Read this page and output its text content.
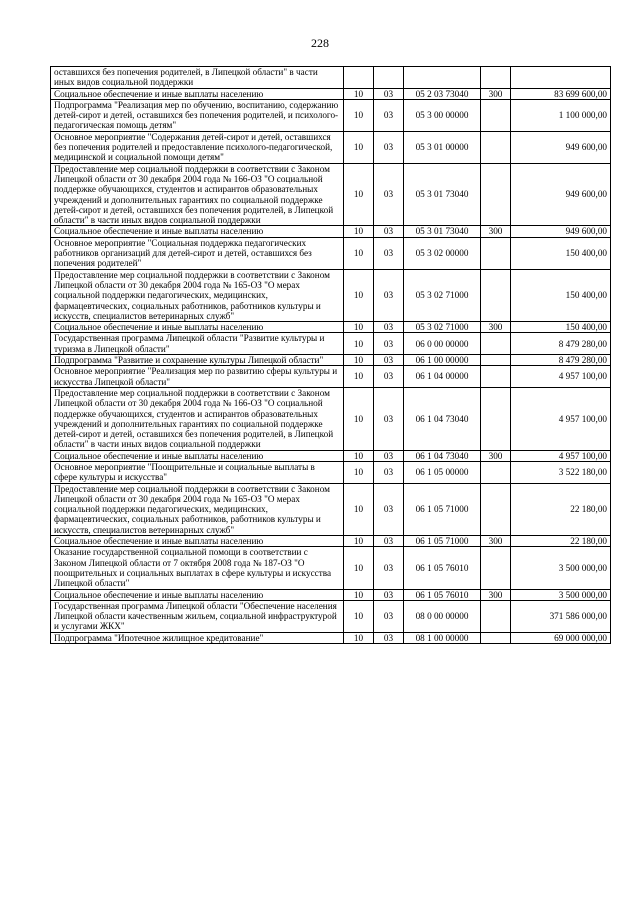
228
оставшихся без попечения родителей, в Липецкой области" в части иных видов социальной поддержки					
Социальное обеспечение и иные выплаты населению	10	03	05 2 03 73040	300	83 699 600,00
Подпрограмма "Реализация мер по обучению, воспитанию, содержанию детей-сирот и детей, оставшихся без попечения родителей, и психолого-педагогическая помощь детям"	10	03	05 3 00 00000		1 100 000,00
Основное мероприятие "Содержания детей-сирот и детей, оставшихся без попечения родителей и предоставление психолого-педагогической, медицинской и социальной помощи детям"	10	03	05 3 01 00000		949 600,00
Предоставление мер социальной поддержки в соответствии с Законом Липецкой области от 30 декабря 2004 года № 166-ОЗ "О социальной поддержке обучающихся, студентов и аспирантов образовательных учреждений и дополнительных гарантиях по социальной поддержке детей-сирот и детей, оставшихся без попечения родителей, в Липецкой области" в части иных видов социальной поддержки	10	03	05 3 01 73040		949 600,00
Социальное обеспечение и иные выплаты населению	10	03	05 3 01 73040	300	949 600,00
Основное мероприятие "Социальная поддержка педагогических работников организаций для детей-сирот и детей, оставшихся без попечения родителей"	10	03	05 3 02 00000		150 400,00
Предоставление мер социальной поддержки в соответствии с Законом Липецкой области от 30 декабря 2004 года № 165-ОЗ "О мерах социальной поддержки педагогических, медицинских, фармацевтических, социальных работников, работников культуры и искусств, специалистов ветеринарных служб"	10	03	05 3 02 71000		150 400,00
Социальное обеспечение и иные выплаты населению	10	03	05 3 02 71000	300	150 400,00
Государственная программа Липецкой области "Развитие культуры и туризма в Липецкой области"	10	03	06 0 00 00000		8 479 280,00
Подпрограмма "Развитие и сохранение культуры Липецкой области"	10	03	06 1 00 00000		8 479 280,00
Основное мероприятие "Реализация мер по развитию сферы культуры и искусства Липецкой области"	10	03	06 1 04 00000		4 957 100,00
Предоставление мер социальной поддержки в соответствии с Законом Липецкой области от 30 декабря 2004 года № 166-ОЗ "О социальной поддержке обучающихся, студентов и аспирантов образовательных учреждений и дополнительных гарантиях по социальной поддержке детей-сирот и детей, оставшихся без попечения родителей, в Липецкой области" в части иных видов социальной поддержки	10	03	06 1 04 73040		4 957 100,00
Социальное обеспечение и иные выплаты населению	10	03	06 1 04 73040	300	4 957 100,00
Основное мероприятие "Поощрительные и социальные выплаты в сфере культуры и искусства"	10	03	06 1 05 00000		3 522 180,00
Предоставление мер социальной поддержки в соответствии с Законом Липецкой области от 30 декабря 2004 года № 165-ОЗ "О мерах социальной поддержки педагогических, медицинских, фармацевтических, социальных работников, работников культуры и искусств, специалистов ветеринарных служб"	10	03	06 1 05 71000		22 180,00
Социальное обеспечение и иные выплаты населению	10	03	06 1 05 71000	300	22 180,00
Оказание государственной социальной помощи в соответствии с Законом Липецкой области от 7 октября 2008 года № 187-ОЗ "О поощрительных и социальных выплатах в сфере культуры и искусства Липецкой области"	10	03	06 1 05 76010		3 500 000,00
Социальное обеспечение и иные выплаты населению	10	03	06 1 05 76010	300	3 500 000,00
Государственная программа Липецкой области "Обеспечение населения Липецкой области качественным жильем, социальной инфраструктурой и услугами ЖКХ"	10	03	08 0 00 00000		371 586 000,00
Подпрограмма "Ипотечное жилищное кредитование"	10	03	08 1 00 00000		69 000 000,00
